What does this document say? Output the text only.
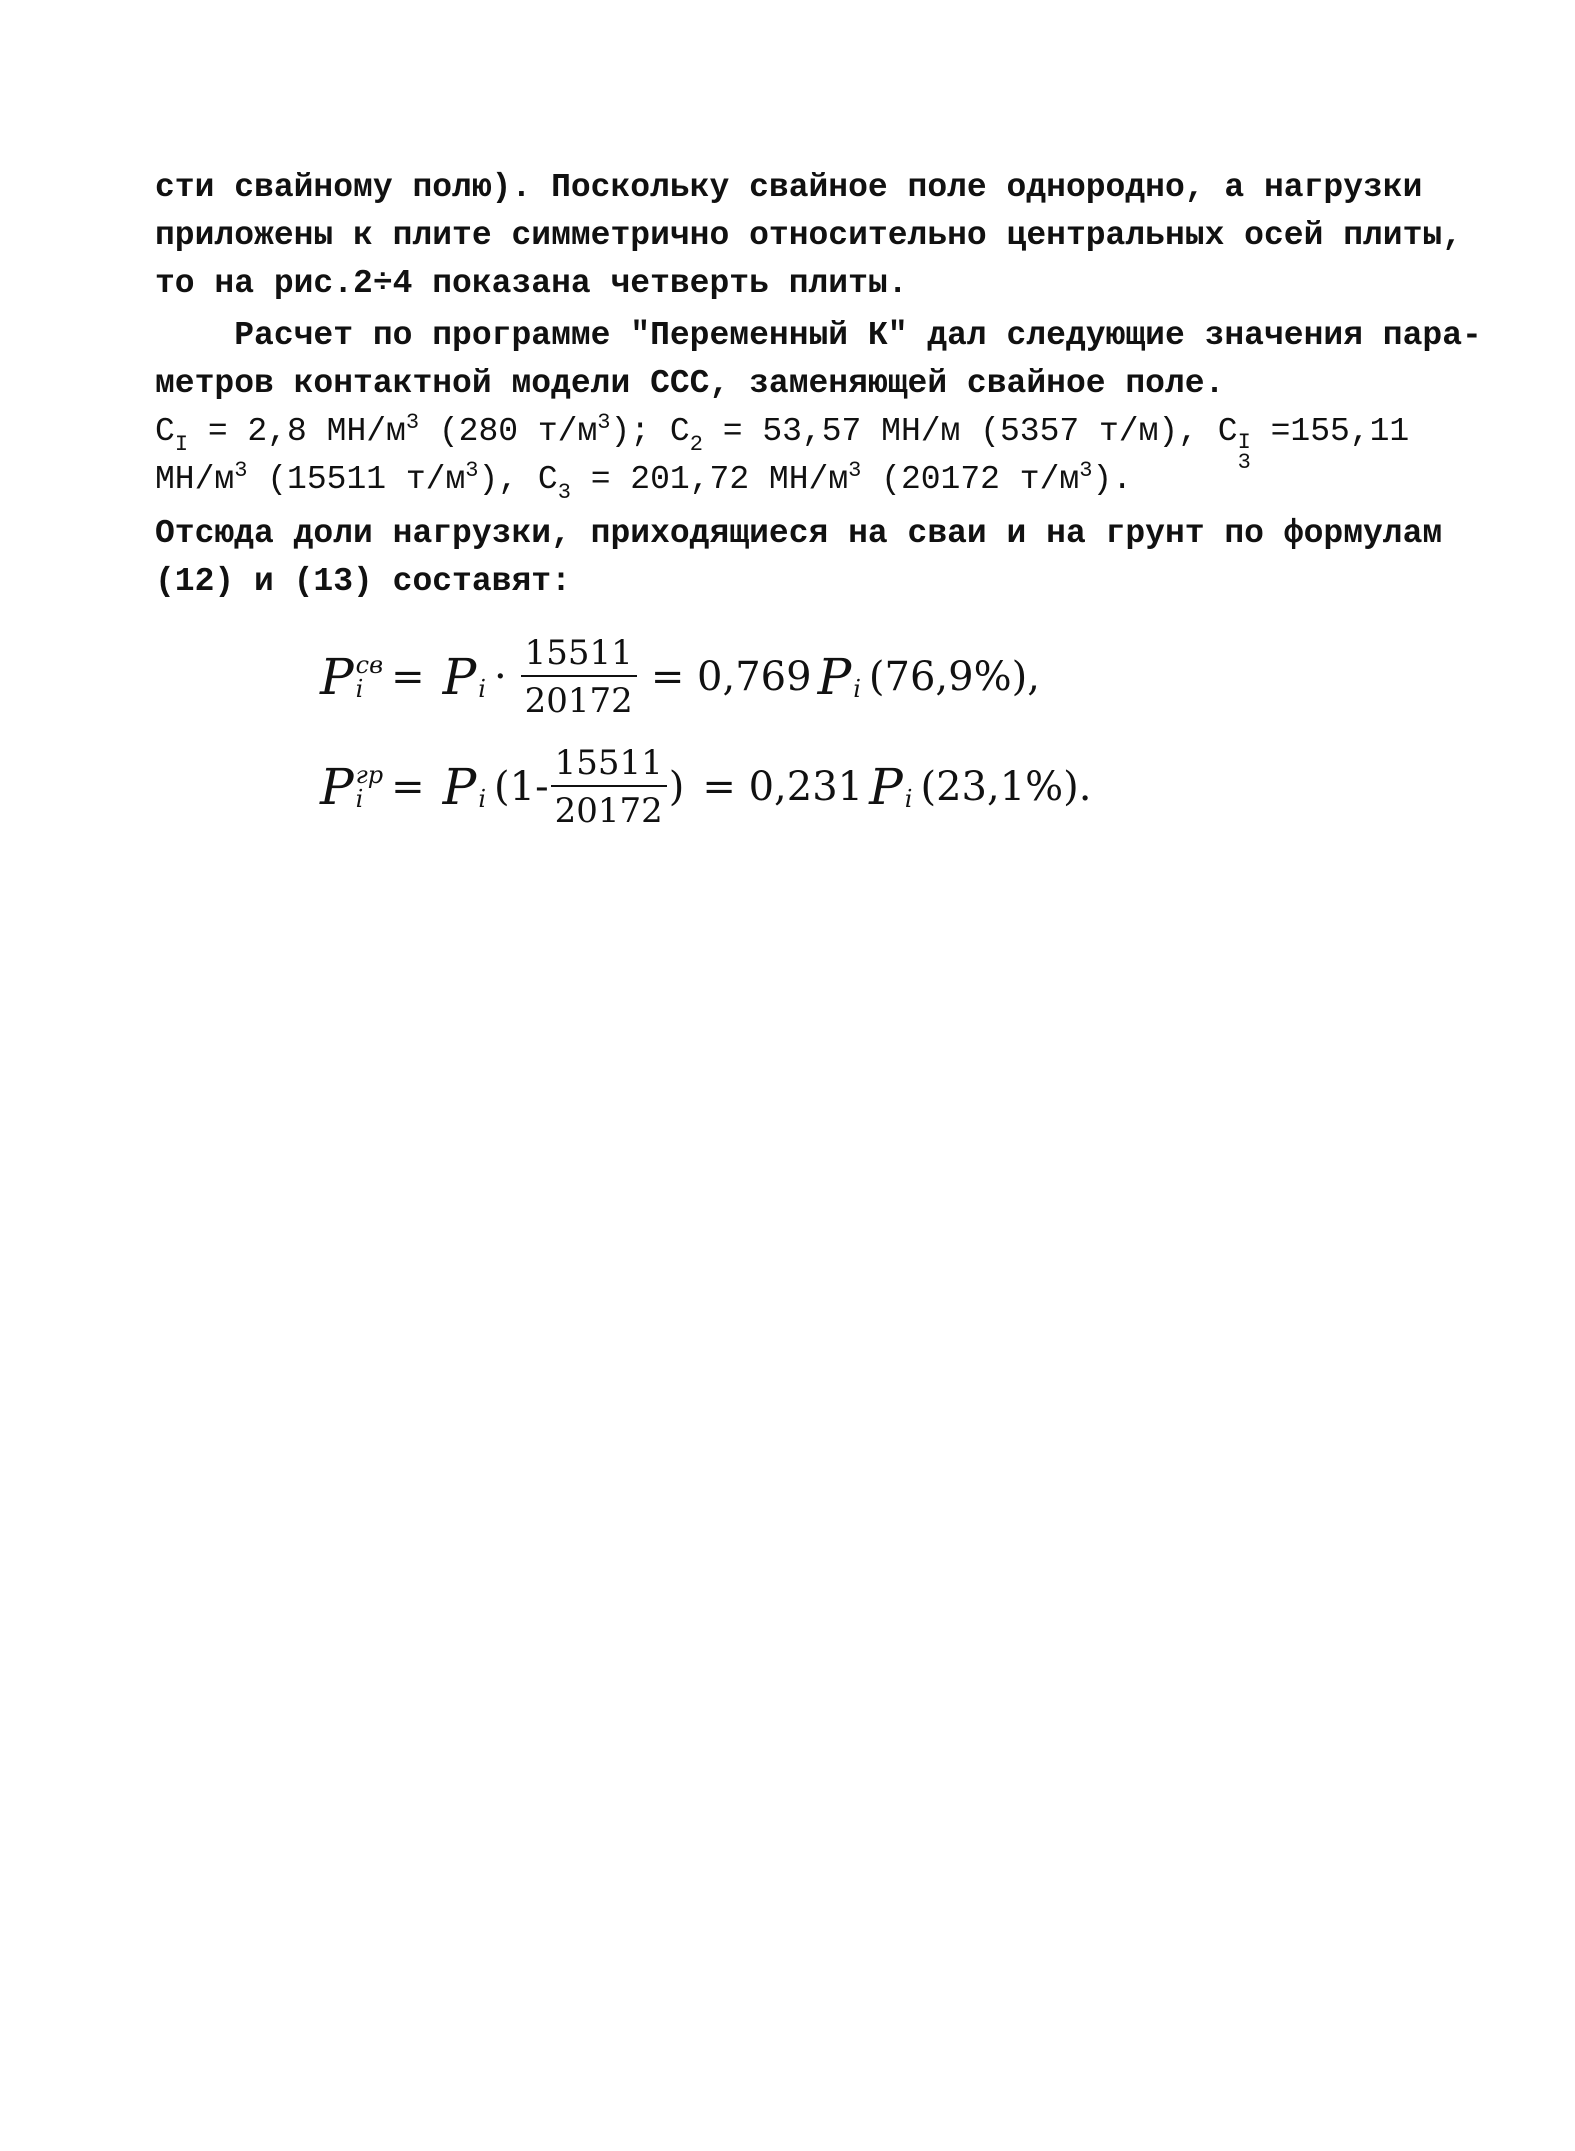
сти свайному полю). Поскольку свайное поле однородно, а нагрузки
приложены к плите симметрично относительно центральных осей плиты,
то на рис.2÷4 показана четверть плиты.
Расчет по программе "Переменный К" дал следующие значения пара-
метров контактной модели ССС, заменяющей свайное поле.
$C_I = 2,8$ $МН/м^3$ (280 $т/м^3$); $C_2 = 53,57$ МН/м (5357 т/м), C I
3
=155,11
$МН/м^3$ (15511 $т/м^3$), $C_3 = 201,72$ $МН/м^3$ (20172 $т/м^3$).
Отсюда доли нагрузки, приходящиеся на сваи и на грунт по формулам
(12) и (13) составят:
P св
i = P $i \cdot \frac{15511}{20172} = 0,769$ P i (76,9%),
P гр
i = P i ($1- \frac{15511}{20172}$ ) = 0,231 P i (23,1%).
